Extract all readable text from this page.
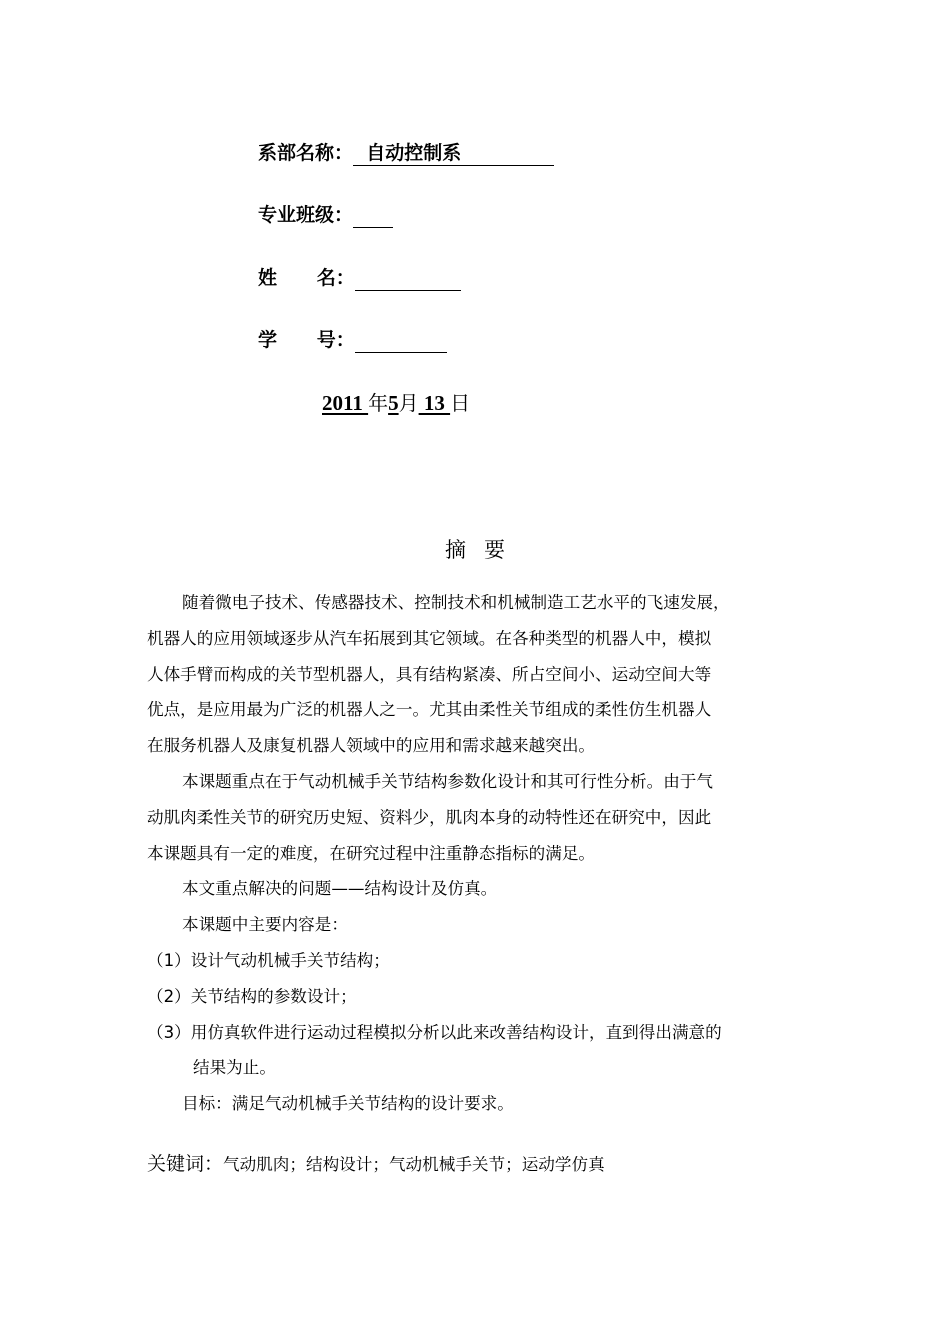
系部名称：  自动控制系
专业班级：
姓      名：
学      号：
2011 年5月 13 日
摘要
随着微电子技术、传感器技术、控制技术和机械制造工艺水平的飞速发展，
机器人的应用领域逐步从汽车拓展到其它领域。在各种类型的机器人中，模拟
人体手臂而构成的关节型机器人，具有结构紧凑、所占空间小、运动空间大等
优点，是应用最为广泛的机器人之一。尤其由柔性关节组成的柔性仿生机器人
在服务机器人及康复机器人领域中的应用和需求越来越突出。
本课题重点在于气动机械手关节结构参数化设计和其可行性分析。由于气
动肌肉柔性关节的研究历史短、资料少，肌肉本身的动特性还在研究中，因此
本课题具有一定的难度，在研究过程中注重静态指标的满足。
本文重点解决的问题——结构设计及仿真。
本课题中主要内容是：
（1）设计气动机械手关节结构；
（2）关节结构的参数设计；
（3）用仿真软件进行运动过程模拟分析以此来改善结构设计，直到得出满意的
结果为止。
目标：满足气动机械手关节结构的设计要求。
关键词：气动肌肉；结构设计；气动机械手关节；运动学仿真
